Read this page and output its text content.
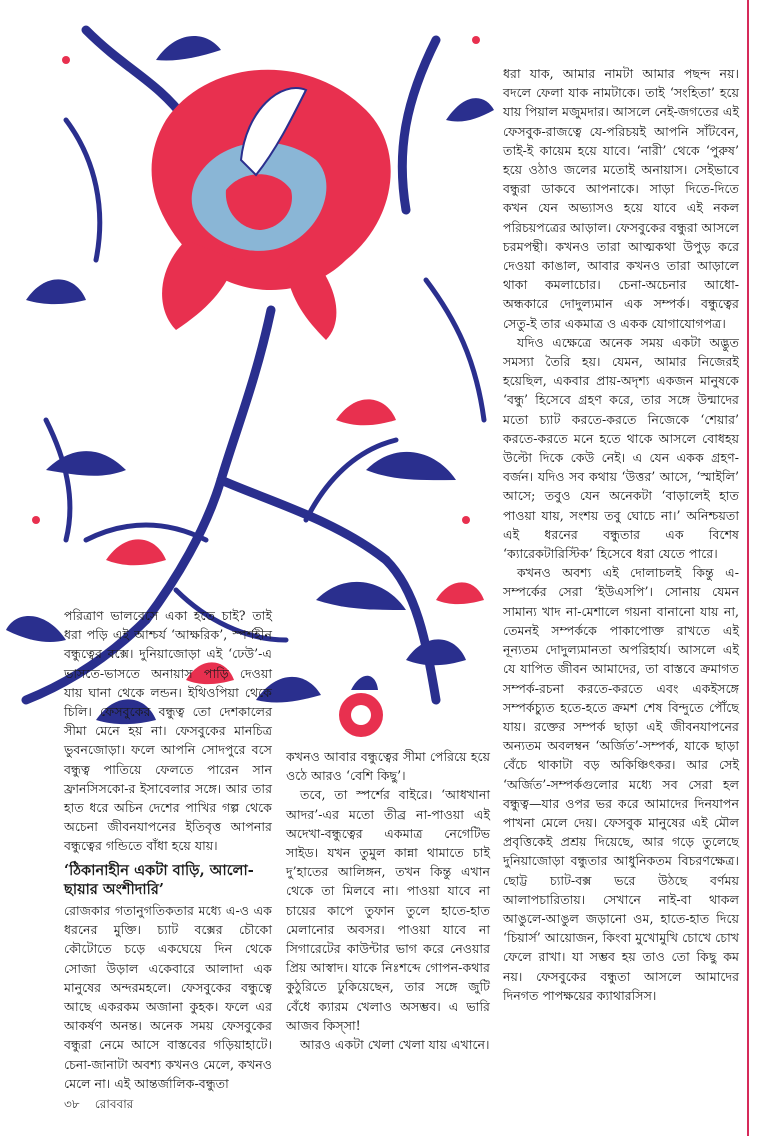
ধরা যাক, আমার নামটা আমার পছন্দ নয়। বদলে ফেলা যাক নামটাকে। তাই ‘সংহিতা’ হয়ে যায় পিয়াল মজুমদার। আসলে নেই-জগতের এই ফেসবুক-রাজত্বে যে-পরিচয়ই আপনি সাঁটবেন, তাই-ই কায়েম হয়ে যাবে। ‘নারী’ থেকে ‘পুরুষ’ হয়ে ওঠাও জলের মতোই অনায়াস। সেইভাবে বন্ধুরা ডাকবে আপনাকে। সাড়া দিতে-দিতে কখন যেন অভ্যাসও হয়ে যাবে এই নকল পরিচয়পত্রের আড়াল। ফেসবুকের বন্ধুরা আসলে চরমপন্থী। কখনও তারা আত্মকথা উপুড় করে দেওয়া কাঙাল, আবার কখনও তারা আড়ালে থাকা কমলাচোর। চেনা-অচেনার আধো-অন্ধকারে দোদুল্যমান এক সম্পর্ক। বন্ধুত্বের সেতু-ই তার একমাত্র ও একক যোগাযোগপত্র।

যদিও এক্ষেত্রে অনেক সময় একটা অদ্ভুত সমস্যা তৈরি হয়। যেমন, আমার নিজেরই হয়েছিল, একবার প্রায়-অদৃশ্য একজন মানুষকে ‘বন্ধু’ হিসেবে গ্রহণ করে, তার সঙ্গে উন্মাদের মতো চ্যাট করতে-করতে নিজেকে ‘শেয়ার’ করতে-করতে মনে হতে থাকে আসলে বোধহয় উল্টো দিকে কেউ নেই। এ যেন একক গ্রহণ-বর্জন। যদিও সব কথায় ‘উত্তর’ আসে, ‘স্মাইলি’ আসে; তবুও যেন অনেকটা ‘বাড়ালেই হাত পাওয়া যায়, সংশয় তবু ঘোচে না।’ অনিশ্চয়তা এই ধরনের বন্ধুতার এক বিশেষ ‘ক্যারেকটারিস্টিক’ হিসেবে ধরা যেতে পারে।

কখনও অবশ্য এই দোলাচলই কিন্তু এ-সম্পর্কের সেরা ‘ইউএসপি’। সোনায় যেমন সামান্য খাদ না-মেশালে গয়না বানানো যায় না, তেমনই সম্পর্ককে পাকাপোক্ত রাখতে এই নূন্যতম দোদুল্যমানতা অপরিহার্য। আসলে এই যে যাপিত জীবন আমাদের, তা বাস্তবে ক্রমাগত সম্পর্ক-রচনা করতে-করতে এবং একইসঙ্গে সম্পর্কচ্যুত হতে-হতে ক্রমশ শেষ বিন্দুতে পৌঁছে যায়। রক্তের সম্পর্ক ছাড়া এই জীবনযাপনের অন্যতম অবলম্বন ‘অর্জিত’-সম্পর্ক, যাকে ছাড়া বেঁচে থাকাটা বড় অকিঞ্চিৎকর। আর সেই ‘অর্জিত’-সম্পর্কগুলোর মধ্যে সব সেরা হল বন্ধুত্ব—যার ওপর ভর করে আমাদের দিনযাপন পাখনা মেলে দেয়। ফেসবুক মানুষের এই মৌল প্রবৃত্তিকেই প্রশ্রয় দিয়েছে, আর গড়ে তুলেছে দুনিয়াজোড়া বন্ধুতার আধুনিকতম বিচরণক্ষেত্র। ছোট্ট চ্যাট-বক্স ভরে উঠছে বর্ণময় আলাপচারিতায়। সেখানে নাই-বা থাকল আঙুলে-আঙুল জড়ানো ওম, হাতে-হাত দিয়ে ‘চিয়ার্স’ আয়োজন, কিংবা মুখোমুখি চোখে চোখ ফেলে রাখা। যা সম্ভব হয় তাও তো কিছু কম নয়। ফেসবুকের বন্ধুতা আসলে আমাদের দিনগত পাপক্ষয়ের ক্যাথারসিস।

পরিত্রাণ ভালবেসে একা হতে চাই? তাই ধরা পড়ি এই আশ্চর্য ‘আক্ষরিক’, স্পর্শহীন বন্ধুত্বের বক্সে। দুনিয়াজোড়া এই ‘ঢেউ’-এ ভাসতে-ভাসতে অনায়াস পাড়ি দেওয়া যায় ঘানা থেকে লন্ডন। ইথিওপিয়া থেকে চিলি। ফেসবুকের বন্ধুত্ব তো দেশকালের সীমা মেনে হয় না। ফেসবুকের মানচিত্র ভুবনজোড়া। ফলে আপনি সোদপুরে বসে বন্ধুত্ব পাতিয়ে ফেলতে পারেন সান ফ্রানসিসকো-র ইসাবেলার সঙ্গে। আর তার হাত ধরে অচিন দেশের পাখির গল্প থেকে অচেনা জীবনযাপনের ইতিবৃত্ত আপনার বন্ধুত্বের গন্ডিতে বাঁধা হয়ে যায়।

‘ঠিকানাহীন একটা বাড়ি, আলো-ছায়ার অংশীদারি’

রোজকার গতানুগতিকতার মধ্যে এ-ও এক ধরনের মুক্তি। চ্যাট বক্সের চৌকো কৌটোতে চড়ে একঘেয়ে দিন থেকে সোজা উড়াল একেবারে আলাদা এক মানুষের অন্দরমহলে। ফেসবুকের বন্ধুত্বে আছে একরকম অজানা কুহক। ফলে এর আকর্ষণ অনন্ত। অনেক সময় ফেসবুকের বন্ধুরা নেমে আসে বাস্তবের গড়িয়াহাটে। চেনা-জানাটা অবশ্য কখনও মেলে, কখনও মেলে না। এই আন্তর্জালিক-বন্ধুতা

কখনও আবার বন্ধুত্বের সীমা পেরিয়ে হয়ে ওঠে আরও ‘বেশি কিছু’।

তবে, তা স্পর্শের বাইরে। ‘আধখানা আদর’-এর মতো তীব্র না-পাওয়া এই অদেখা-বন্ধুত্বের একমাত্র নেগেটিভ সাইড। যখন তুমুল কান্না থামাতে চাই দু’হাতের আলিঙ্গন, তখন কিন্তু এখান থেকে তা মিলবে না। পাওয়া যাবে না চায়ের কাপে তুফান তুলে হাতে-হাত মেলানোর অবসর। পাওয়া যাবে না সিগারেটের কাউন্টার ভাগ করে নেওয়ার প্রিয় আস্বাদ। যাকে নিঃশব্দে গোপন-কথার কুঠুরিতে ঢুকিয়েছেন, তার সঙ্গে জুটি বেঁধে ক্যারম খেলাও অসম্ভব। এ ভারি আজব কিস্‌সা!

আরও একটা খেলা খেলা যায় এখানে।

৩৮ রোববার
